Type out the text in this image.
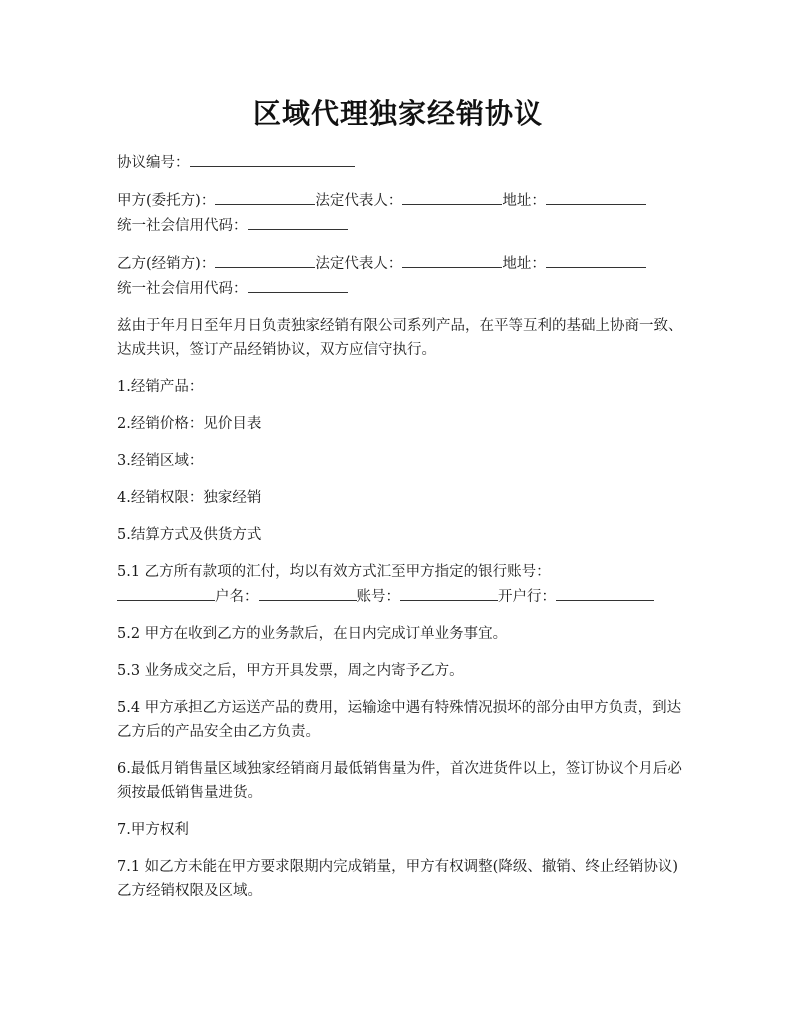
区域代理独家经销协议

协议编号：

甲方(委托方)：	法定代表人：	地址：
统一社会信用代码：

乙方(经销方)：	法定代表人：	地址：
统一社会信用代码：

兹由于年月日至年月日负责独家经销有限公司系列产品，在平等互利的基础上协商一致、达成共识，签订产品经销协议，双方应信守执行。

1.经销产品：

2.经销价格：见价目表

3.经销区域：

4.经销权限：独家经销

5.结算方式及供货方式

5.1 乙方所有款项的汇付，均以有效方式汇至甲方指定的银行账号：
户名：	账号：	开户行：

5.2 甲方在收到乙方的业务款后，在日内完成订单业务事宜。

5.3 业务成交之后，甲方开具发票，周之内寄予乙方。

5.4 甲方承担乙方运送产品的费用，运输途中遇有特殊情况损坏的部分由甲方负责，到达乙方后的产品安全由乙方负责。

6.最低月销售量区域独家经销商月最低销售量为件，首次进货件以上，签订协议个月后必须按最低销售量进货。

7.甲方权利

7.1 如乙方未能在甲方要求限期内完成销量，甲方有权调整(降级、撤销、终止经销协议)乙方经销权限及区域。
